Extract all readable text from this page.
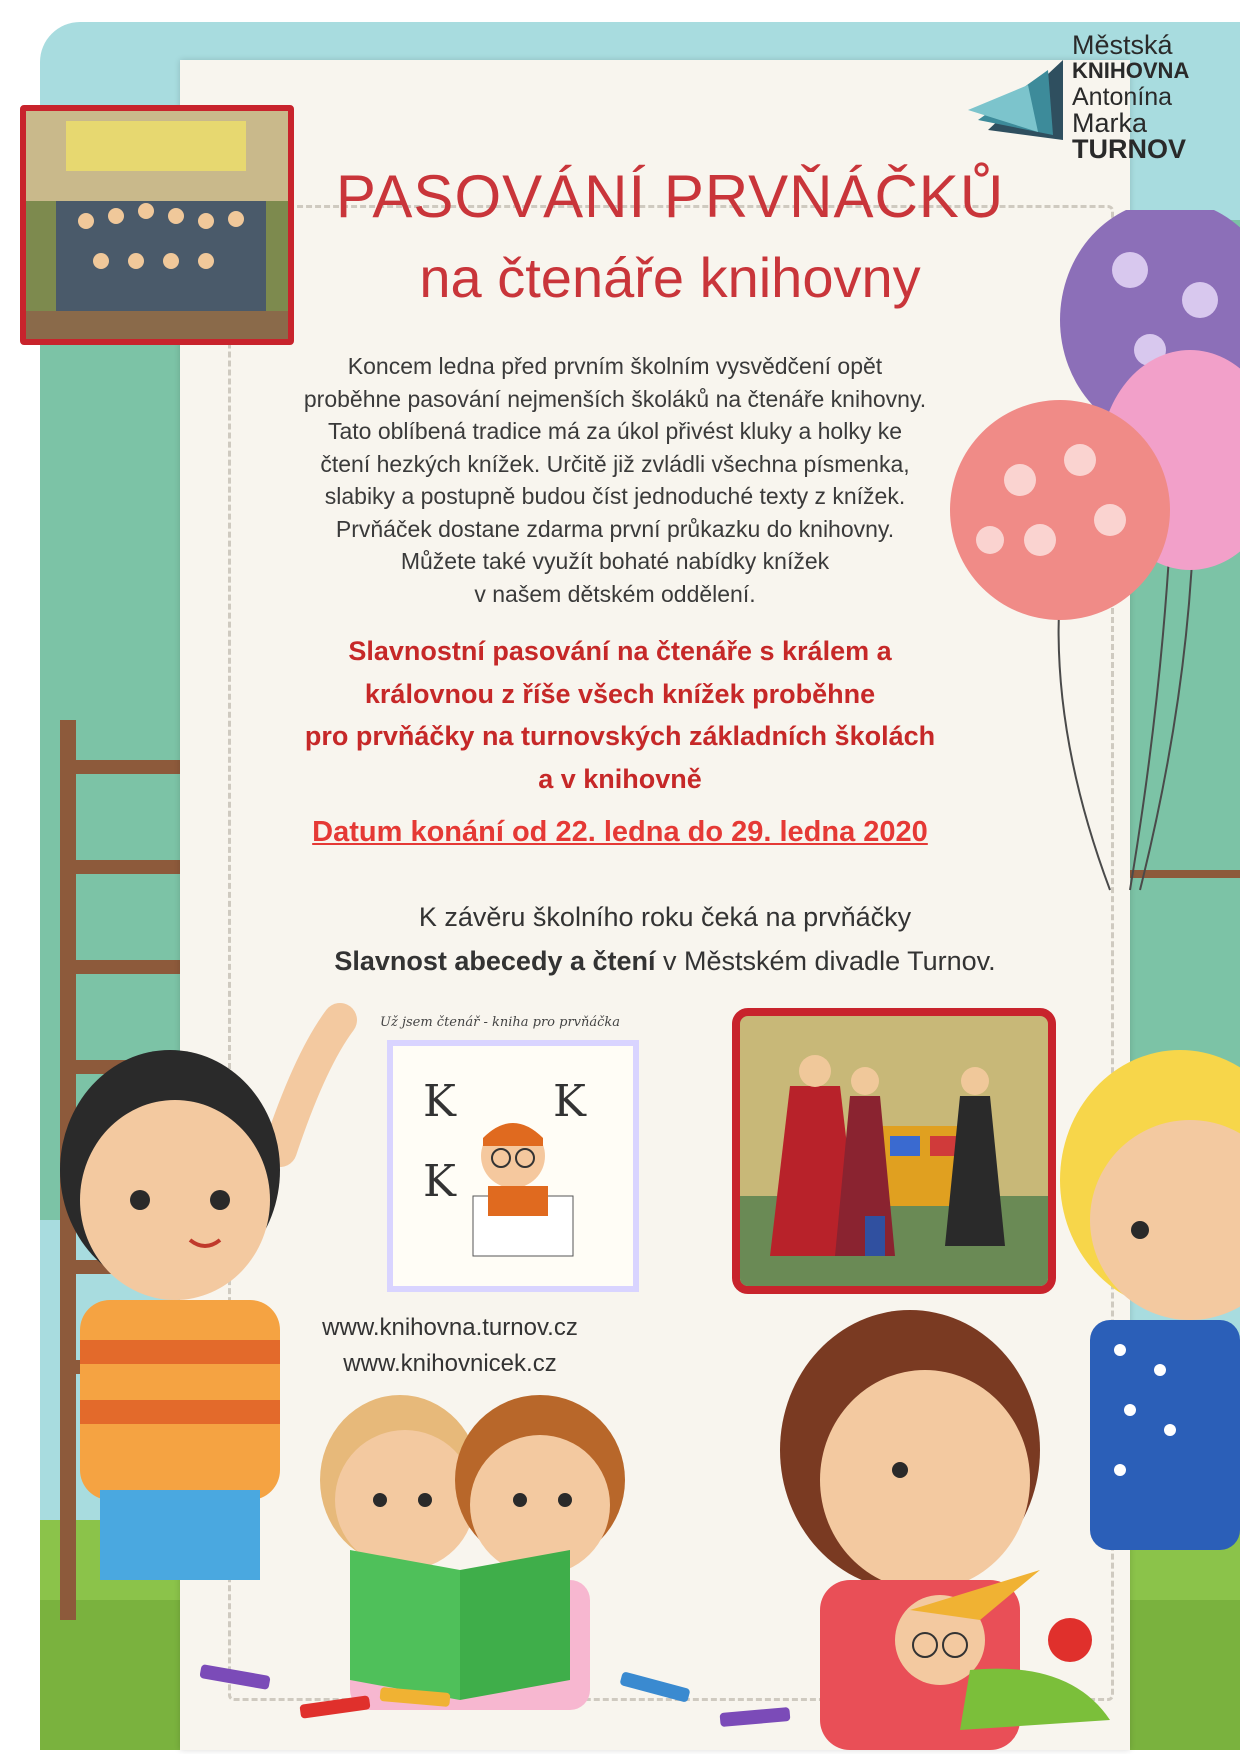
Městská
KNIHOVNA
Antonína
Marka
TURNOV
PASOVÁNÍ PRVŇÁČKŮ
na čtenáře knihovny
Koncem ledna před prvním školním vysvědčení opět
proběhne pasování nejmenších školáků na čtenáře knihovny.
Tato oblíbená tradice má za úkol přivést kluky a holky ke
čtení hezkých knížek. Určitě již zvládli všechna písmenka,
slabiky a postupně budou číst jednoduché texty z knížek.
Prvňáček dostane zdarma první průkazku do knihovny.
Můžete také využít bohaté nabídky knížek
v našem dětském oddělení.
Slavnostní pasování na čtenáře s králem a
královnou z říše všech knížek proběhne
pro prvňáčky na turnovských základních školách
a v knihovně
Datum konání od 22. ledna do 29. ledna 2020
K závěru školního roku čeká na prvňáčky
Slavnost abecedy a čtení v Městském divadle Turnov.
Už jsem čtenář - kniha pro prvňáčka
K K
K
www.knihovna.turnov.cz
www.knihovnicek.cz
